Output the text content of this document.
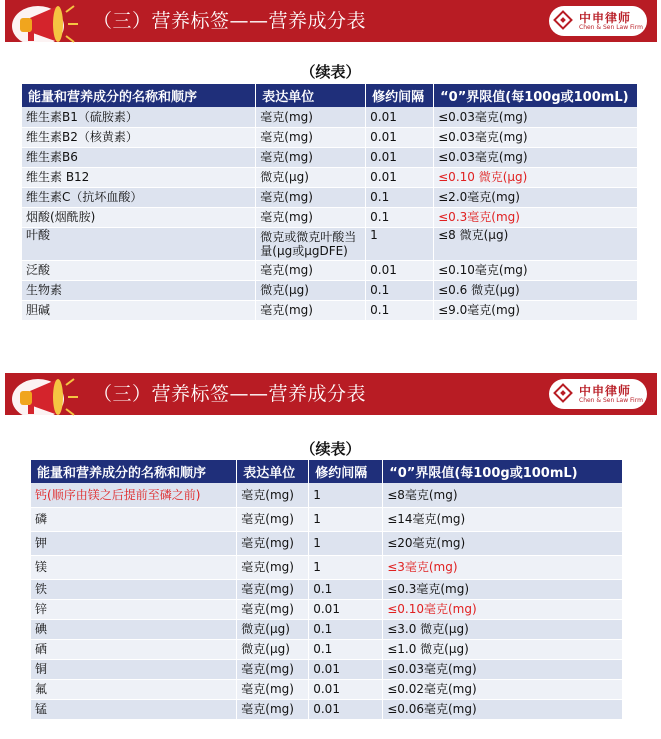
（三）营养标签——营养成分表	中申律师
Chen & Sen Law Firm
（续表）
能量和营养成分的名称和顺序	表达单位	修约间隔	“0”界限值(每100g或100mL)
维生素B1（硫胺素）	毫克(mg)	0.01	≤0.03毫克(mg)
维生素B2（核黄素）	毫克(mg)	0.01	≤0.03毫克(mg)
维生素B6	毫克(mg)	0.01	≤0.03毫克(mg)
维生素 B12	微克(μg)	0.01	≤0.10 微克(μg)
维生素C（抗坏血酸）	毫克(mg)	0.1	≤2.0毫克(mg)
烟酸(烟酰胺)	毫克(mg)	0.1	≤0.3毫克(mg)
叶酸	微克或微克叶酸当量(μg或μgDFE)	1	≤8 微克(μg)
泛酸	毫克(mg)	0.01	≤0.10毫克(mg)
生物素	微克(μg)	0.1	≤0.6 微克(μg)
胆碱	毫克(mg)	0.1	≤9.0毫克(mg)
（三）营养标签——营养成分表	中申律师
Chen & Sen Law Firm
（续表）
能量和营养成分的名称和顺序	表达单位	修约间隔	“0”界限值(每100g或100mL)
钙(顺序由镁之后提前至磷之前)	毫克(mg)	1	≤8毫克(mg)
磷	毫克(mg)	1	≤14毫克(mg)
钾	毫克(mg)	1	≤20毫克(mg)
镁	毫克(mg)	1	≤3毫克(mg)
铁	毫克(mg)	0.1	≤0.3毫克(mg)
锌	毫克(mg)	0.01	≤0.10毫克(mg)
碘	微克(μg)	0.1	≤3.0 微克(μg)
硒	微克(μg)	0.1	≤1.0 微克(μg)
铜	毫克(mg)	0.01	≤0.03毫克(mg)
氟	毫克(mg)	0.01	≤0.02毫克(mg)
锰	毫克(mg)	0.01	≤0.06毫克(mg)
